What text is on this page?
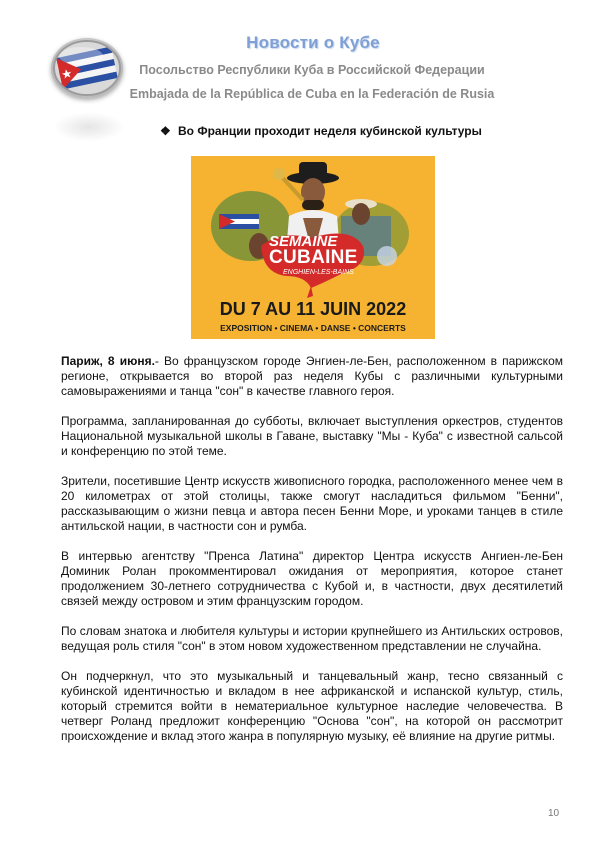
Новости о Кубе
Посольство Республики Куба в Российской Федерации
Embajada de la República de Cuba en la Federación de Rusia
❖ Во Франции проходит неделя кубинской культуры
SEMAINE
CUBAINE
ENGHIEN-LES-BAINS
DU 7 AU 11 JUIN 2022
EXPOSITION • CINEMA • DANSE • CONCERTS

Париж, 8 июня.- Во французском городе Энгиен-ле-Бен, расположенном в парижском регионе, открывается во второй раз неделя Кубы с различными культурными самовыражениями и танца "сон" в качестве главного героя.

Программа, запланированная до субботы, включает выступления оркестров, студентов Национальной музыкальной школы в Гаване, выставку "Мы - Куба" с известной сальсой и конференцию по этой теме.

Зрители, посетившие Центр искусств живописного городка, расположенного менее чем в 20 километрах от этой столицы, также смогут насладиться фильмом "Бенни", рассказывающим о жизни певца и автора песен Бенни Море, и уроками танцев в стиле антильской нации, в частности сон и румба.

В интервью агентству "Пренса Латина" директор Центра искусств Ангиен-ле-Бен Доминик Ролан прокомментировал ожидания от мероприятия, которое станет продолжением 30-летнего сотрудничества с Кубой и, в частности, двух десятилетий связей между островом и этим французским городом.

По словам знатока и любителя культуры и истории крупнейшего из Антильских островов, ведущая роль стиля "сон" в этом новом художественном представлении не случайна.

Он подчеркнул, что это музыкальный и танцевальный жанр, тесно связанный с кубинской идентичностью и вкладом в нее африканской и испанской культур, стиль, который стремится войти в нематериальное культурное наследие человечества. В четверг Роланд предложит конференцию "Основа "сон", на которой он рассмотрит происхождение и вклад этого жанра в популярную музыку, её влияние на другие ритмы.

10
